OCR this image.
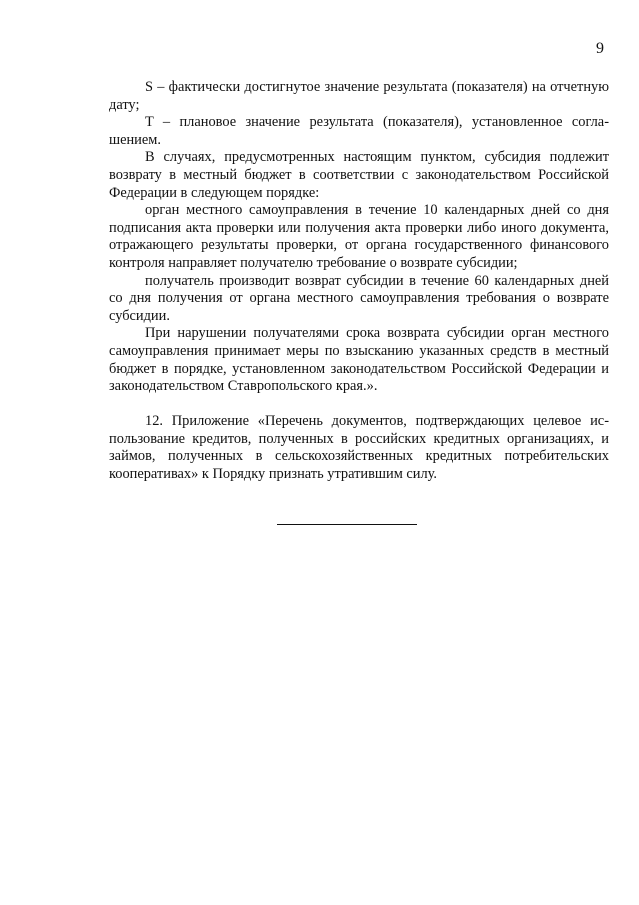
9

S – фактически достигнутое значение результата (показателя) на отчетную дату;

T – плановое значение результата (показателя), установленное соглашением.

В случаях, предусмотренных настоящим пунктом, субсидия подлежит возврату в местный бюджет в соответствии с законодательством Российской Федерации в следующем порядке:

орган местного самоуправления в течение 10 календарных дней со дня подписания акта проверки или получения акта проверки либо иного документа, отражающего результаты проверки, от органа государственного финансового контроля направляет получателю требование о возврате субсидии;

получатель производит возврат субсидии в течение 60 календарных дней со дня получения от органа местного самоуправления требования о возврате субсидии.

При нарушении получателями срока возврата субсидии орган местного самоуправления принимает меры по взысканию указанных средств в местный бюджет в порядке, установленном законодательством Российской Федерации и законодательством Ставропольского края.».

12. Приложение «Перечень документов, подтверждающих целевое использование кредитов, полученных в российских кредитных организациях, и займов, полученных в сельскохозяйственных кредитных потребительских кооперативах» к Порядку признать утратившим силу.
